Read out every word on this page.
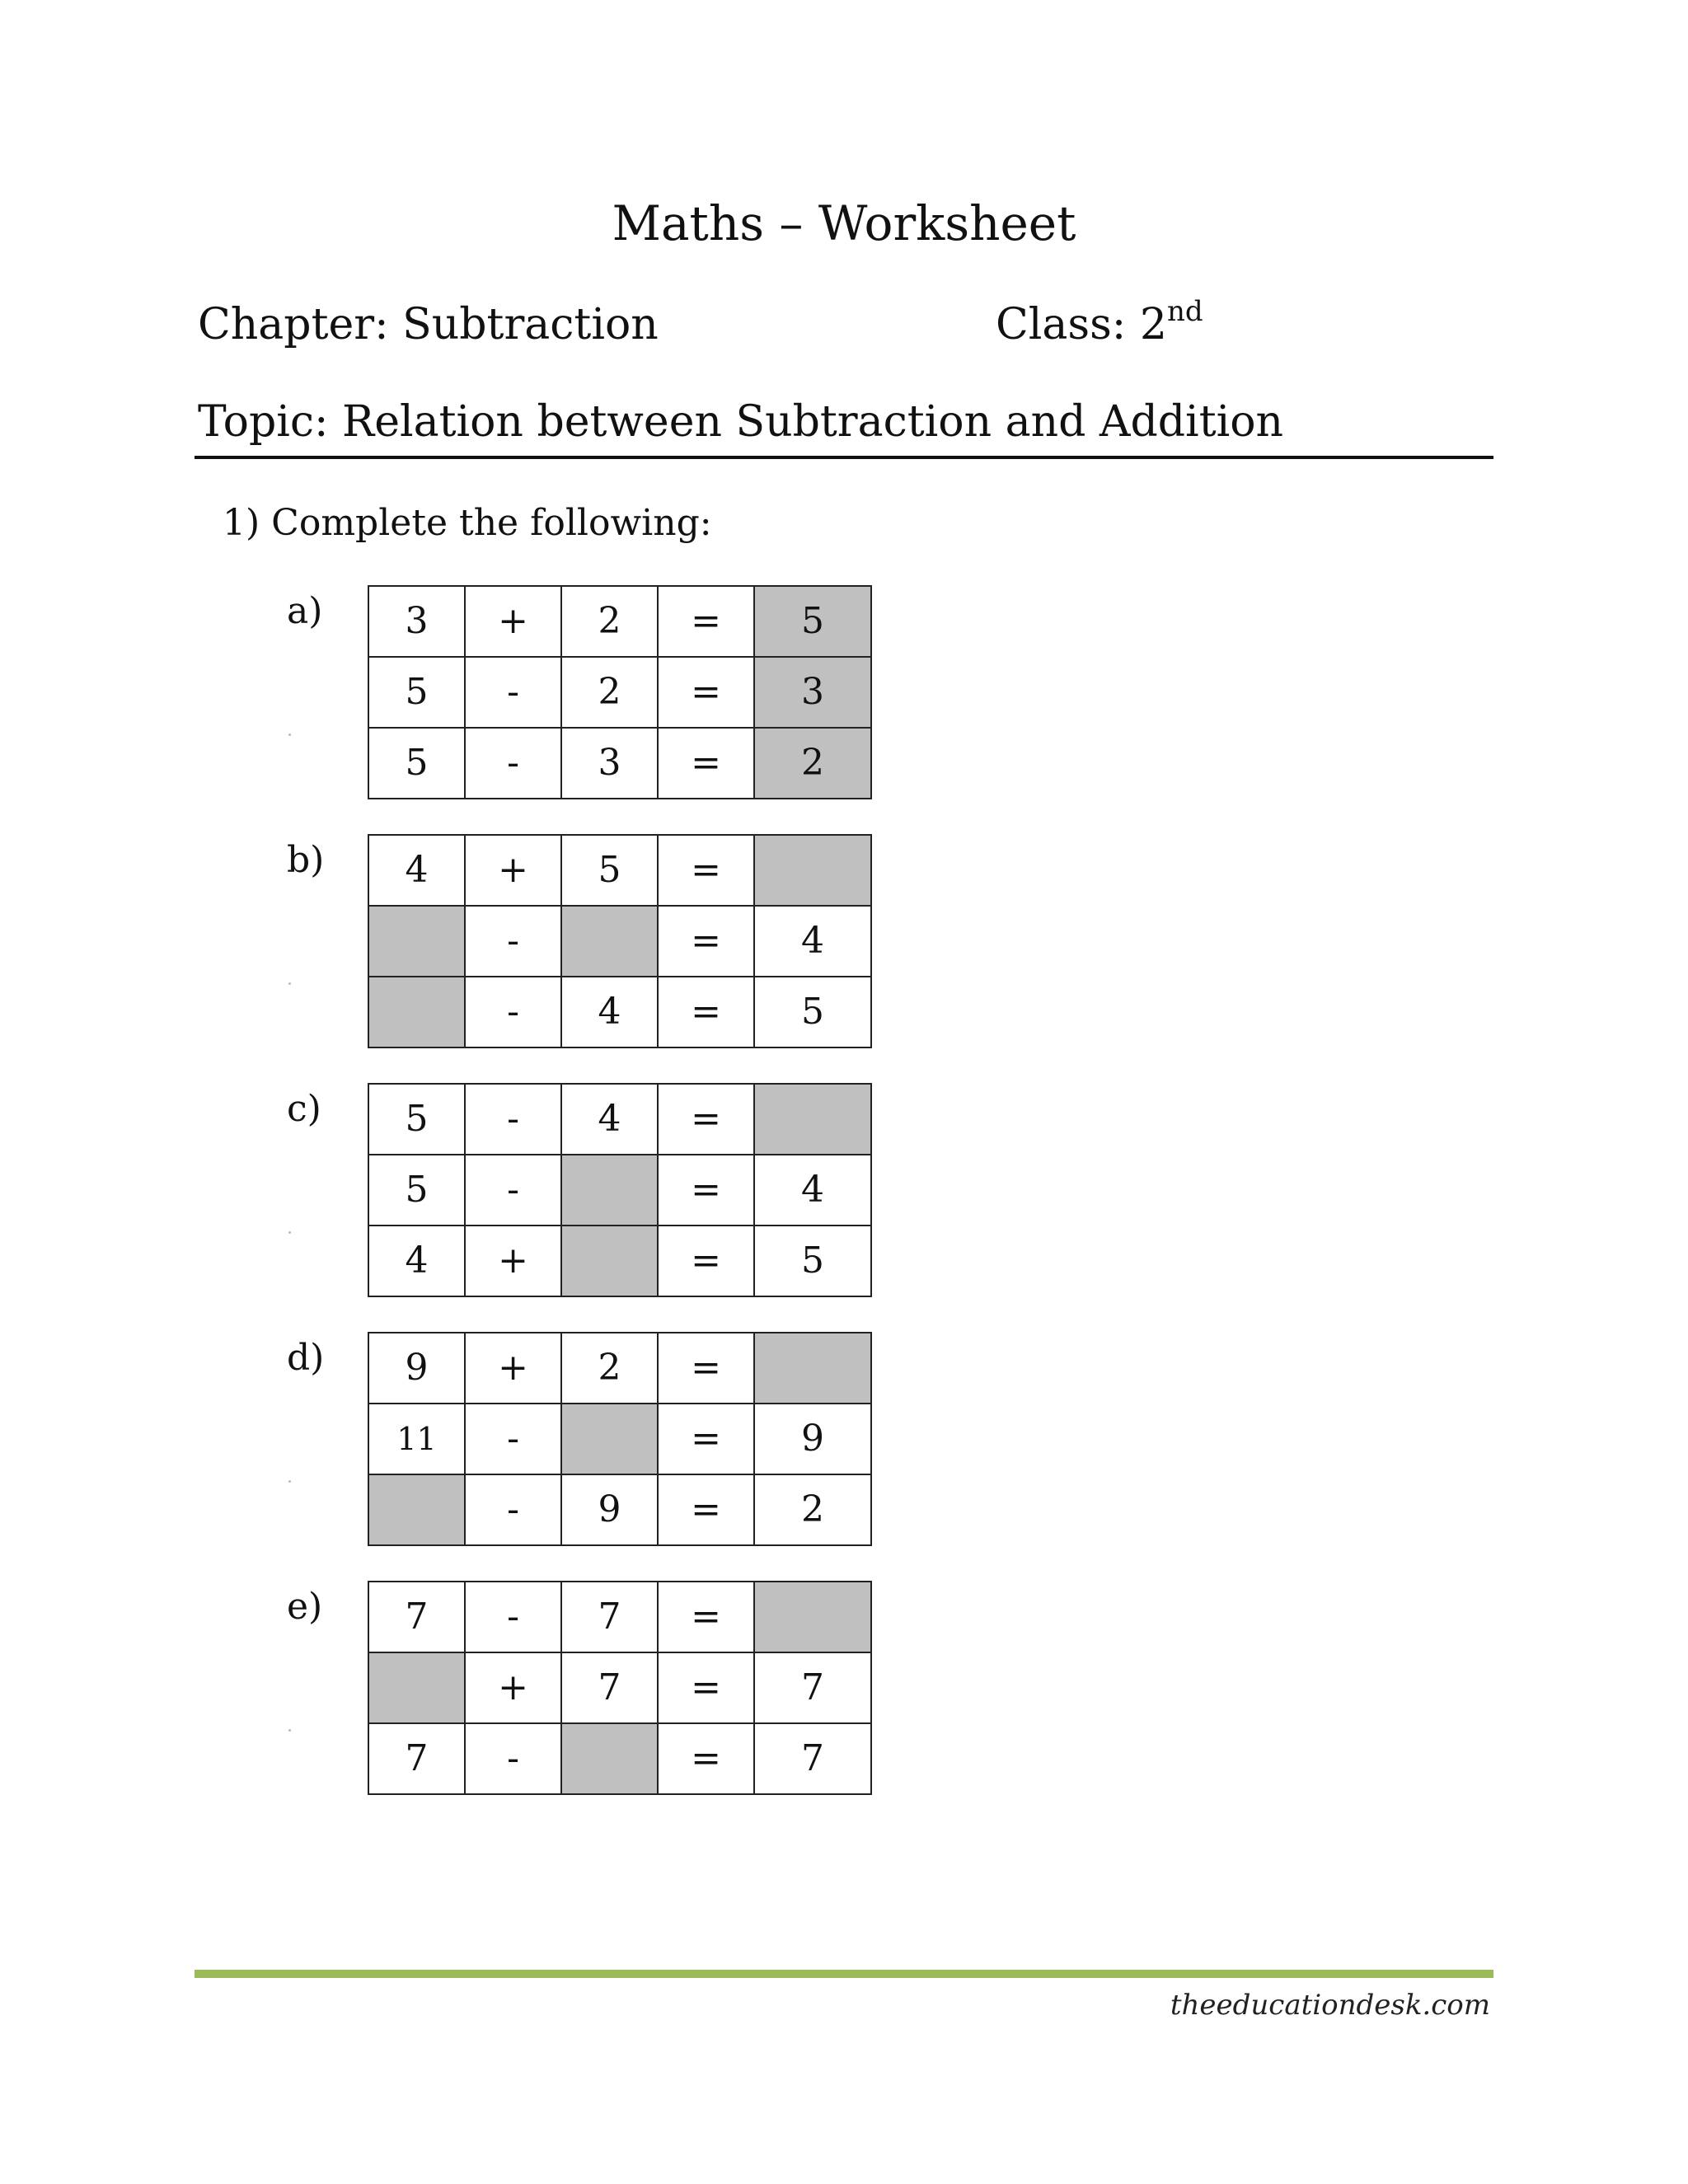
Maths – Worksheet
Chapter: Subtraction	Class: 2nd
Topic: Relation between Subtraction and Addition
1) Complete the following:
a) 3	+	2	=	5
5	-	2	=	3
5	-	3	=	2
b) 4	+	5	=	
	-		=	4
	-	4	=	5
c) 5	-	4	=	
5	-		=	4
4	+		=	5
d) 9	+	2	=	
11	-		=	9
	-	9	=	2
e) 7	-	7	=	
	+	7	=	7
7	-		=	7
theeducationdesk.com
